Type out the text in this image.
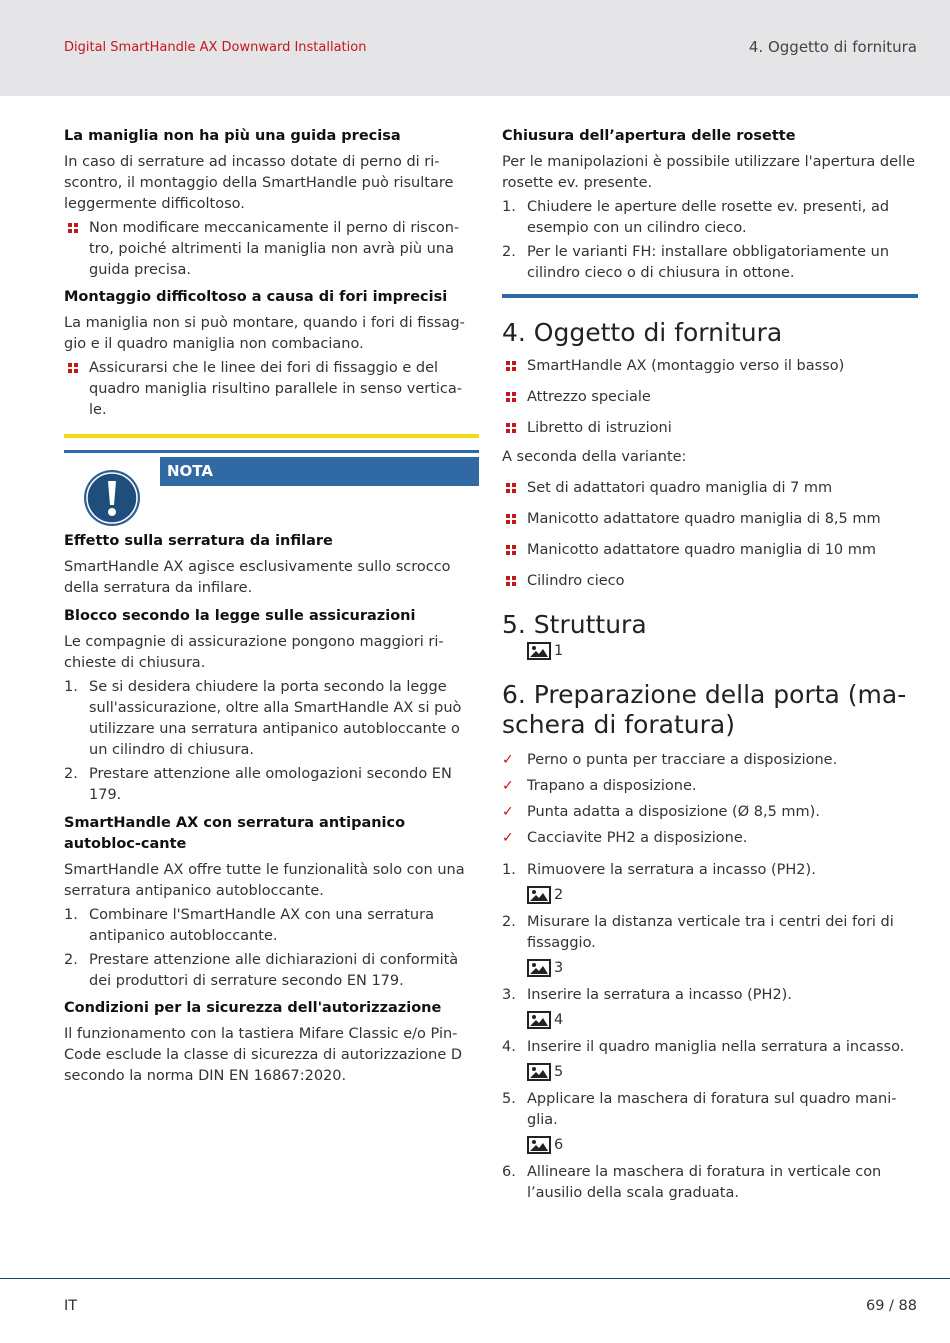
Digital SmartHandle AX Downward Installation	4. Oggetto di fornitura
La maniglia non ha più una guida precisa
In caso di serrature ad incasso dotate di perno di ri-scontro, il montaggio della SmartHandle può risultare leggermente difficoltoso.
Non modificare meccanicamente il perno di riscon-tro, poiché altrimenti la maniglia non avrà più una guida precisa.
Montaggio difficoltoso a causa di fori imprecisi
La maniglia non si può montare, quando i fori di fissag-gio e il quadro maniglia non combaciano.
Assicurarsi che le linee dei fori di fissaggio e del quadro maniglia risultino parallele in senso vertica-le.
NOTA
Effetto sulla serratura da infilare
SmartHandle AX agisce esclusivamente sullo scrocco della serratura da infilare.
Blocco secondo la legge sulle assicurazioni
Le compagnie di assicurazione pongono maggiori ri-chieste di chiusura.
1. Se si desidera chiudere la porta secondo la legge sull'assicurazione, oltre alla SmartHandle AX si può utilizzare una serratura antipanico autobloccante o un cilindro di chiusura.
2. Prestare attenzione alle omologazioni secondo EN 179.
SmartHandle AX con serratura antipanico autobloc-cante
SmartHandle AX offre tutte le funzionalità solo con una serratura antipanico autobloccante.
1. Combinare l'SmartHandle AX con una serratura antipanico autobloccante.
2. Prestare attenzione alle dichiarazioni di conformità dei produttori di serrature secondo EN 179.
Condizioni per la sicurezza dell'autorizzazione
Il funzionamento con la tastiera Mifare Classic e/o Pin-Code esclude la classe di sicurezza di autorizzazione D secondo la norma DIN EN 16867:2020.
Chiusura dell’apertura delle rosette
Per le manipolazioni è possibile utilizzare l'apertura delle rosette ev. presente.
1. Chiudere le aperture delle rosette ev. presenti, ad esempio con un cilindro cieco.
2. Per le varianti FH: installare obbligatoriamente un cilindro cieco o di chiusura in ottone.
4. Oggetto di fornitura
SmartHandle AX (montaggio verso il basso)
Attrezzo speciale
Libretto di istruzioni
A seconda della variante:
Set di adattatori quadro maniglia di 7 mm
Manicotto adattatore quadro maniglia di 8,5 mm
Manicotto adattatore quadro maniglia di 10 mm
Cilindro cieco
5. Struttura
1
6. Preparazione della porta (ma-schera di foratura)
✓ Perno o punta per tracciare a disposizione.
✓ Trapano a disposizione.
✓ Punta adatta a disposizione (Ø 8,5 mm).
✓ Cacciavite PH2 a disposizione.
1. Rimuovere la serratura a incasso (PH2).
2
2. Misurare la distanza verticale tra i centri dei fori di fissaggio.
3
3. Inserire la serratura a incasso (PH2).
4
4. Inserire il quadro maniglia nella serratura a incasso.
5
5. Applicare la maschera di foratura sul quadro mani-glia.
6
6. Allineare la maschera di foratura in verticale con l’ausilio della scala graduata.
IT	69 / 88
